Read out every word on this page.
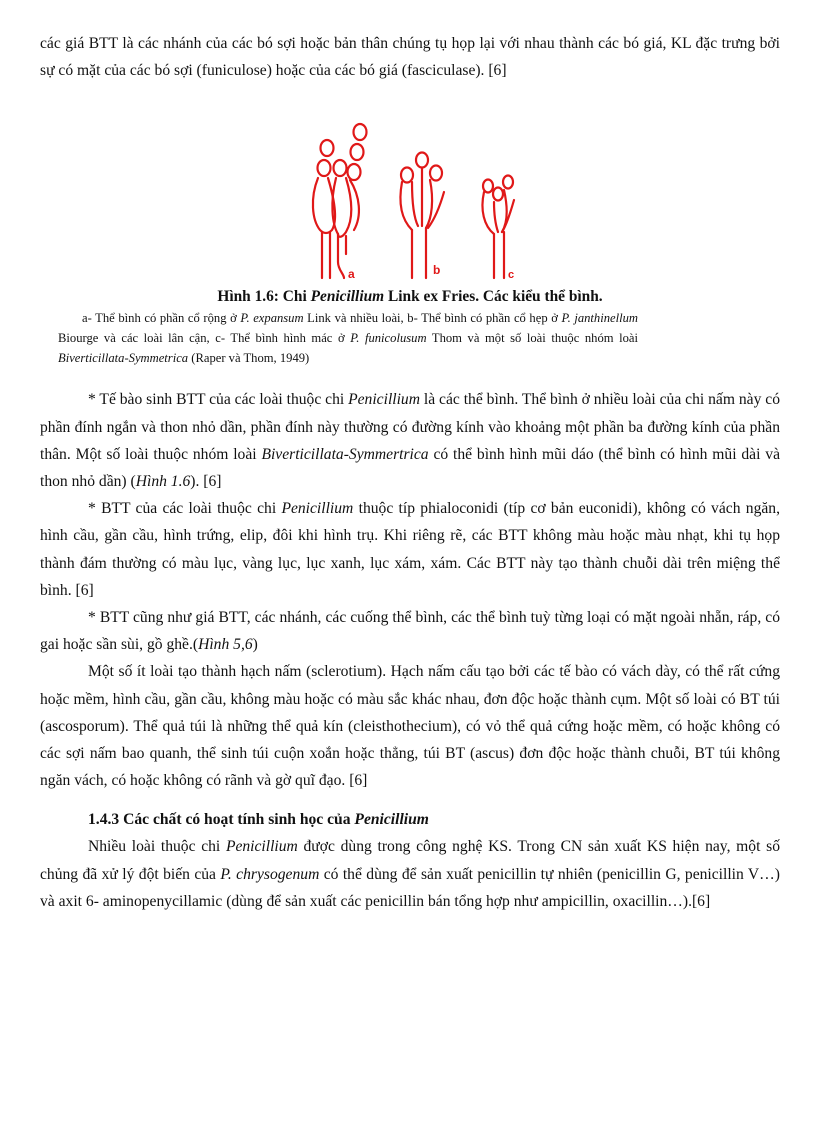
các giá BTT là các nhánh của các bó sợi hoặc bản thân chúng tụ họp lại với nhau thành các bó giá, KL đặc trưng bởi sự có mặt của các bó sợi (funiculose) hoặc của các bó giá (fasciculase). [6]

a	b	c
Hình 1.6: Chi Penicillium Link ex Fries. Các kiểu thể bình.
a- Thể bình có phần cổ rộng ở P. expansum Link và nhiều loài, b- Thể bình có phần cổ hẹp ở P. janthinellum Biourge và các loài lân cận, c- Thể bình hình mác ở P. funicolusum Thom và một số loài thuộc nhóm loài Biverticillata-Symmetrica (Raper và Thom, 1949)

* Tế bào sinh BTT của các loài thuộc chi Penicillium là các thể bình. Thể bình ở nhiều loài của chi nấm này có phần đính ngắn và thon nhỏ dần, phần đính này thường có đường kính vào khoảng một phần ba đường kính của phần thân. Một số loài thuộc nhóm loài Biverticillata-Symmertrica có thể bình hình mũi dáo (thể bình có hình mũi dài và thon nhỏ dần) (Hình 1.6). [6]

* BTT của các loài thuộc chi Penicillium thuộc típ phialoconidi (típ cơ bản euconidi), không có vách ngăn, hình cầu, gần cầu, hình trứng, elip, đôi khi hình trụ. Khi riêng rẽ, các BTT không màu hoặc màu nhạt, khi tụ họp thành đám thường có màu lục, vàng lục, lục xanh, lục xám, xám. Các BTT này tạo thành chuỗi dài trên miệng thể bình. [6]

* BTT cũng như giá BTT, các nhánh, các cuống thể bình, các thể bình tuỳ từng loại có mặt ngoài nhẵn, ráp, có gai hoặc sần sùi, gồ ghề.(Hình 5,6)

Một số ít loài tạo thành hạch nấm (sclerotium). Hạch nấm cấu tạo bởi các tế bào có vách dày, có thể rất cứng hoặc mềm, hình cầu, gần cầu, không màu hoặc có màu sắc khác nhau, đơn độc hoặc thành cụm. Một số loài có BT túi (ascosporum). Thể quả túi là những thể quả kín (cleisthothecium), có vỏ thể quả cứng hoặc mềm, có hoặc không có các sợi nấm bao quanh, thể sinh túi cuộn xoắn hoặc thẳng, túi BT (ascus) đơn độc hoặc thành chuỗi, BT túi không ngăn vách, có hoặc không có rãnh và gờ quĩ đạo. [6]

1.4.3 Các chất có hoạt tính sinh học của Penicillium

Nhiều loài thuộc chi Penicillium được dùng trong công nghệ KS. Trong CN sản xuất KS hiện nay, một số chủng đã xử lý đột biến của P. chrysogenum có thể dùng để sản xuất penicillin tự nhiên (penicillin G, penicillin V…) và axit 6- aminopenycillamic (dùng để sản xuất các penicillin bán tổng hợp như ampicillin, oxacillin…).[6]
